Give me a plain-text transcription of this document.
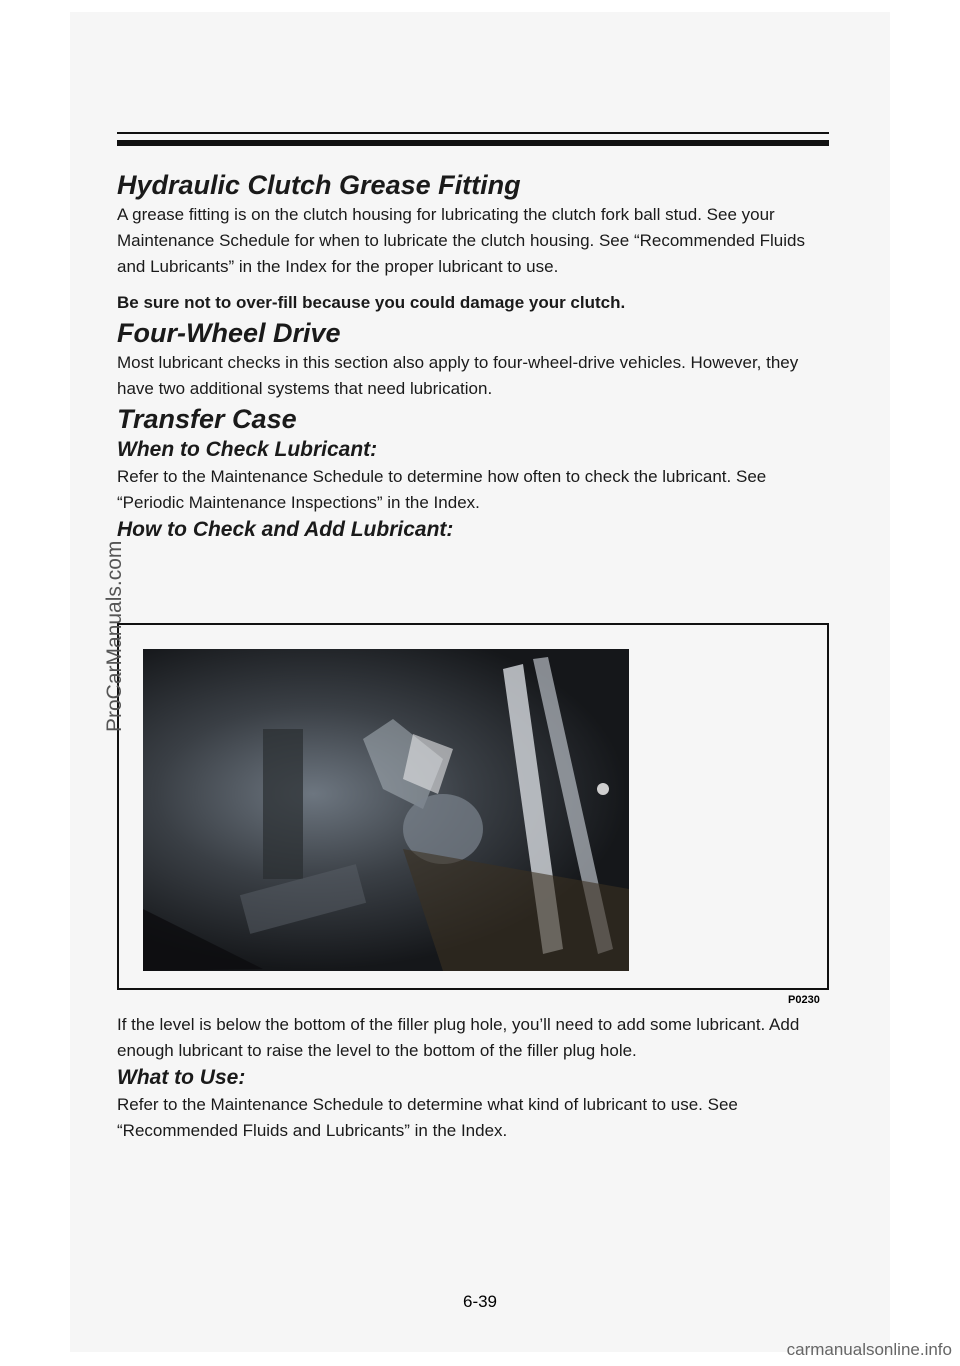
Hydraulic Clutch Grease Fitting

A grease fitting is on the clutch housing for lubricating the clutch fork ball stud. See your Maintenance Schedule for when to lubricate the clutch housing. See “Recommended Fluids and Lubricants” in the Index for the proper lubricant to use.

Be sure not to over-fill because you could damage your clutch.

Four-Wheel Drive

Most lubricant checks in this section also apply to four-wheel-drive vehicles. However, they have two additional systems that need lubrication.

Transfer Case
When to Check Lubricant:

Refer to the Maintenance Schedule to determine how often to check the lubricant. See “Periodic Maintenance Inspections” in the Index.

How to Check and Add Lubricant:
P0230

If the level is below the bottom of the filler plug hole, you’ll need to add some lubricant. Add enough lubricant to raise the level to the bottom of the filler plug hole.

What to Use:

Refer to the Maintenance Schedule to determine what kind of lubricant to use. See “Recommended Fluids and Lubricants” in the Index.

6-39
ProCarManuals.com
carmanualsonline.info
